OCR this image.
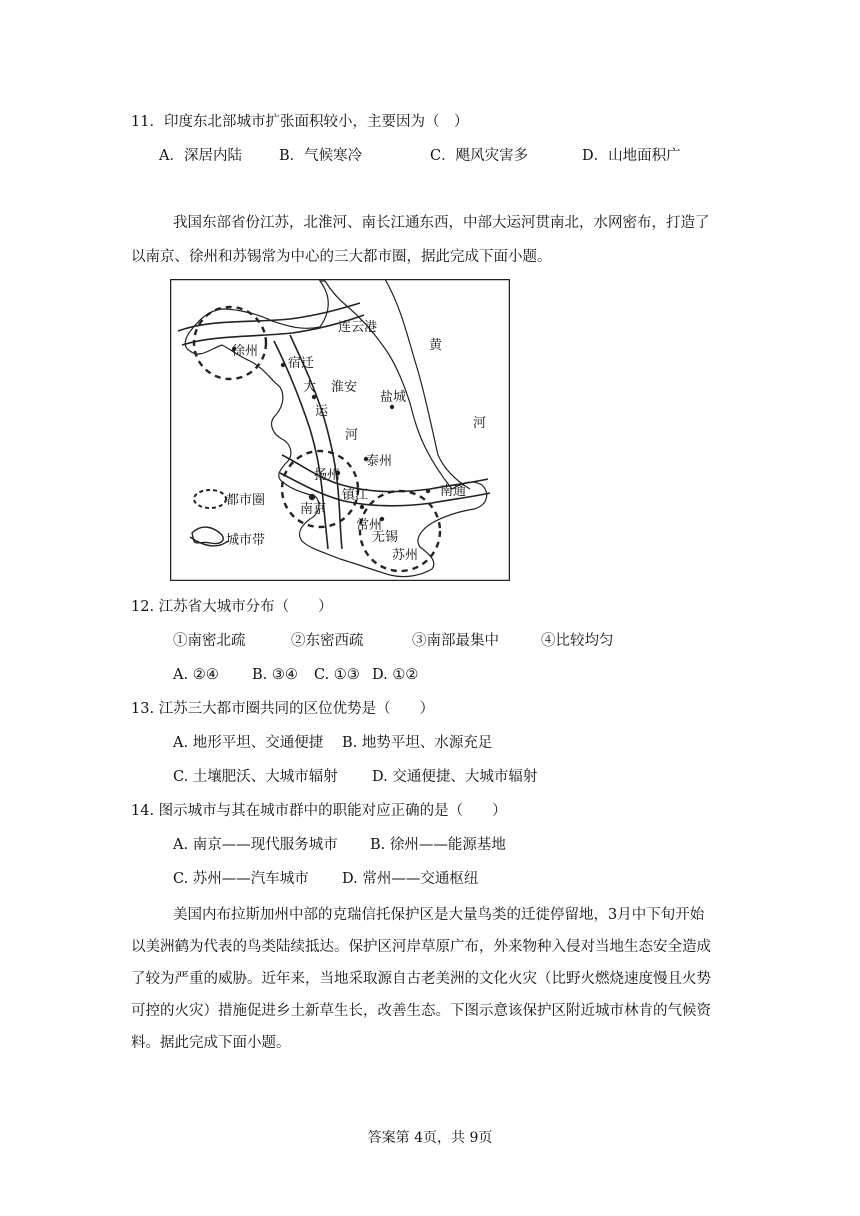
11．印度东北部城市扩张面积较小，主要因为（　）
A．深居内陆	B．气候寒冷	C．飓风灾害多	D．山地面积广
我国东部省份江苏，北淮河、南长江通东西，中部大运河贯南北，水网密布，打造了
以南京、徐州和苏锡常为中心的三大都市圈，据此完成下面小题。
连云港
徐州
宿迁
淮安
盐城
泰州
扬州
镇江
南京
南通
常州
无锡
苏州
大
运
河
黄
河
都市圈
城市带
12. 江苏省大城市分布（　　）
①南密北疏	②东密西疏	③南部最集中	④比较均匀
A. ②④ B. ③④ C. ①③ D. ①②
13. 江苏三大都市圈共同的区位优势是（　　）
A. 地形平坦、交通便捷 B. 地势平坦、水源充足
C. 土壤肥沃、大城市辐射 D. 交通便捷、大城市辐射
14. 图示城市与其在城市群中的职能对应正确的是（　　）
A. 南京——现代服务城市 B. 徐州——能源基地
C. 苏州——汽车城市 D. 常州——交通枢纽
美国内布拉斯加州中部的克瑞信托保护区是大量鸟类的迁徙停留地，3月中下旬开始
以美洲鹤为代表的鸟类陆续抵达。保护区河岸草原广布，外来物种入侵对当地生态安全造成
了较为严重的威胁。近年来，当地采取源自古老美洲的文化火灾（比野火燃烧速度慢且火势
可控的火灾）措施促进乡土新草生长，改善生态。下图示意该保护区附近城市林肯的气候资
料。据此完成下面小题。
答案第 4页，共 9页
